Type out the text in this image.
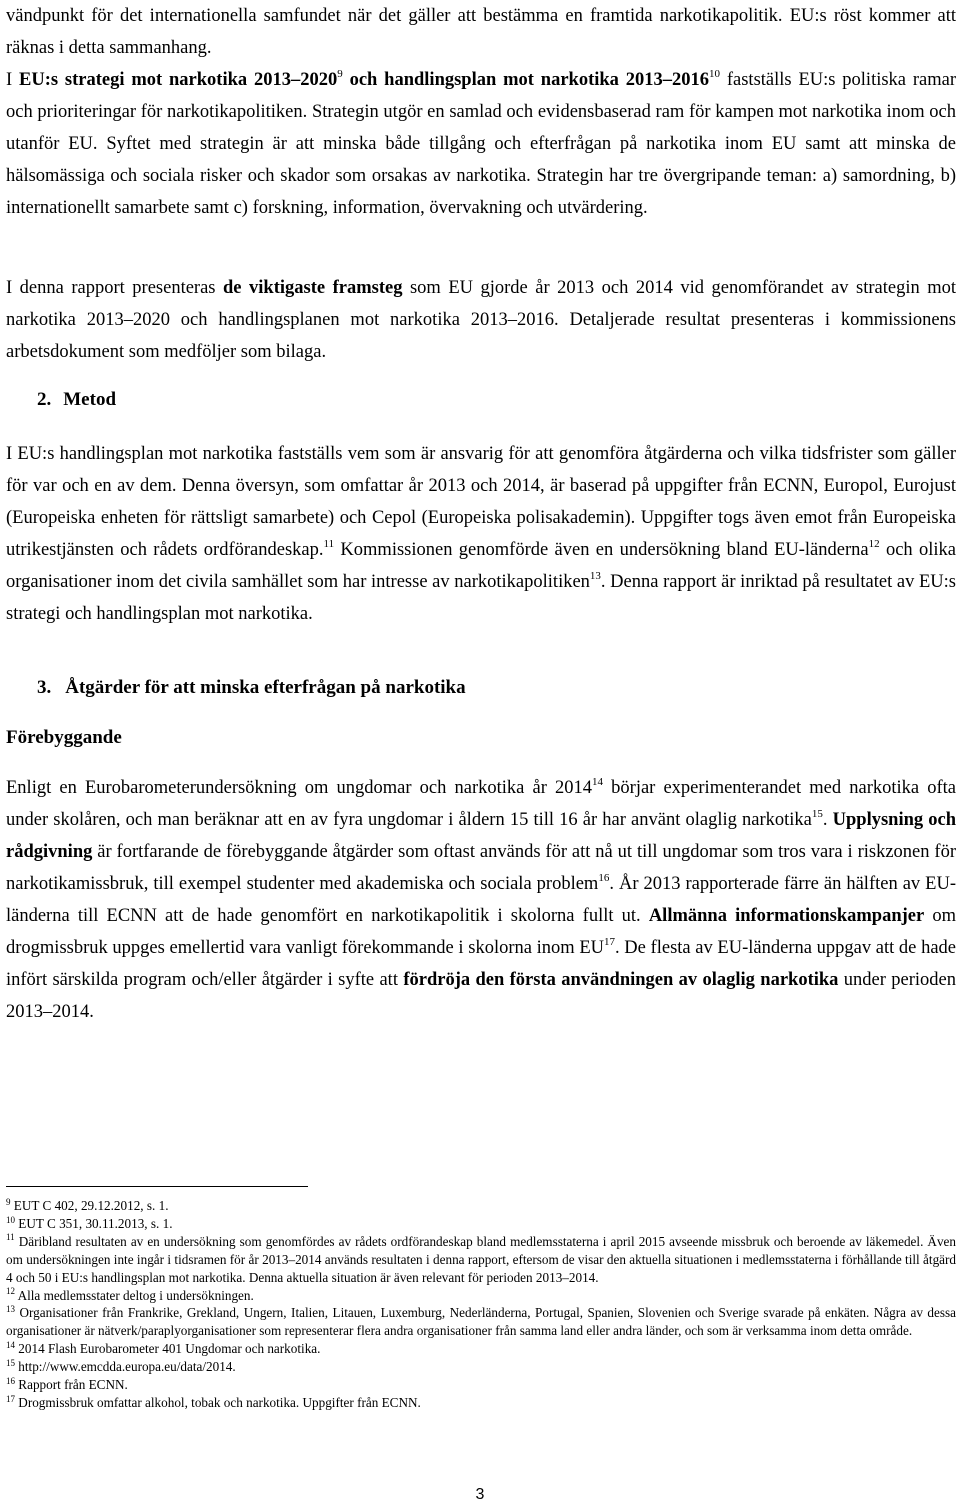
vändpunkt för det internationella samfundet när det gäller att bestämma en framtida narkotikapolitik. EU:s röst kommer att räknas i detta sammanhang.

I EU:s strategi mot narkotika 2013–2020$^9$ och handlingsplan mot narkotika 2013–2016$^{10}$ fastställs EU:s politiska ramar och prioriteringar för narkotikapolitiken. Strategin utgör en samlad och evidensbaserad ram för kampen mot narkotika inom och utanför EU. Syftet med strategin är att minska både tillgång och efterfrågan på narkotika inom EU samt att minska de hälsomässiga och sociala risker och skador som orsakas av narkotika. Strategin har tre övergripande teman: a) samordning, b) internationellt samarbete samt c) forskning, information, övervakning och utvärdering.

I denna rapport presenteras de viktigaste framsteg som EU gjorde år 2013 och 2014 vid genomförandet av strategin mot narkotika 2013–2020 och handlingsplanen mot narkotika 2013–2016. Detaljerade resultat presenteras i kommissionens arbetsdokument som medföljer som bilaga.

2. Metod

I EU:s handlingsplan mot narkotika fastställs vem som är ansvarig för att genomföra åtgärderna och vilka tidsfrister som gäller för var och en av dem. Denna översyn, som omfattar år 2013 och 2014, är baserad på uppgifter från ECNN, Europol, Eurojust (Europeiska enheten för rättsligt samarbete) och Cepol (Europeiska polisakademin). Uppgifter togs även emot från Europeiska utrikestjänsten och rådets ordförandeskap.$^{11}$ Kommissionen genomförde även en undersökning bland EU-länderna$^{12}$ och olika organisationer inom det civila samhället som har intresse av narkotikapolitiken$^{13}$. Denna rapport är inriktad på resultatet av EU:s strategi och handlingsplan mot narkotika.

3. Åtgärder för att minska efterfrågan på narkotika
Förebyggande

Enligt en Eurobarometerundersökning om ungdomar och narkotika år 2014$^{14}$ börjar experimenterandet med narkotika ofta under skolåren, och man beräknar att en av fyra ungdomar i åldern 15 till 16 år har använt olaglig narkotika$^{15}$. Upplysning och rådgivning är fortfarande de förebyggande åtgärder som oftast används för att nå ut till ungdomar som tros vara i riskzonen för narkotikamissbruk, till exempel studenter med akademiska och sociala problem$^{16}$. År 2013 rapporterade färre än hälften av EU-länderna till ECNN att de hade genomfört en narkotikapolitik i skolorna fullt ut. Allmänna informationskampanjer om drogmissbruk uppges emellertid vara vanligt förekommande i skolorna inom EU$^{17}$. De flesta av EU-länderna uppgav att de hade infört särskilda program och/eller åtgärder i syfte att fördröja den första användningen av olaglig narkotika under perioden 2013–2014.

$^9$ EUT C 402, 29.12.2012, s. 1.

$^{10}$ EUT C 351, 30.11.2013, s. 1.

$^{11}$ Däribland resultaten av en undersökning som genomfördes av rådets ordförandeskap bland medlemsstaterna i april 2015 avseende missbruk och beroende av läkemedel. Även om undersökningen inte ingår i tidsramen för år 2013–2014 används resultaten i denna rapport, eftersom de visar den aktuella situationen i medlemsstaterna i förhållande till åtgärd 4 och 50 i EU:s handlingsplan mot narkotika. Denna aktuella situation är även relevant för perioden 2013–2014.

$^{12}$ Alla medlemsstater deltog i undersökningen.

$^{13}$ Organisationer från Frankrike, Grekland, Ungern, Italien, Litauen, Luxemburg, Nederländerna, Portugal, Spanien, Slovenien och Sverige svarade på enkäten. Några av dessa organisationer är nätverk/paraplyorganisationer som representerar flera andra organisationer från samma land eller andra länder, och som är verksamma inom detta område.

$^{14}$ 2014 Flash Eurobarometer 401 Ungdomar och narkotika.

$^{15}$ http://www.emcdda.europa.eu/data/2014.

$^{16}$ Rapport från ECNN.

$^{17}$ Drogmissbruk omfattar alkohol, tobak och narkotika. Uppgifter från ECNN.

3
